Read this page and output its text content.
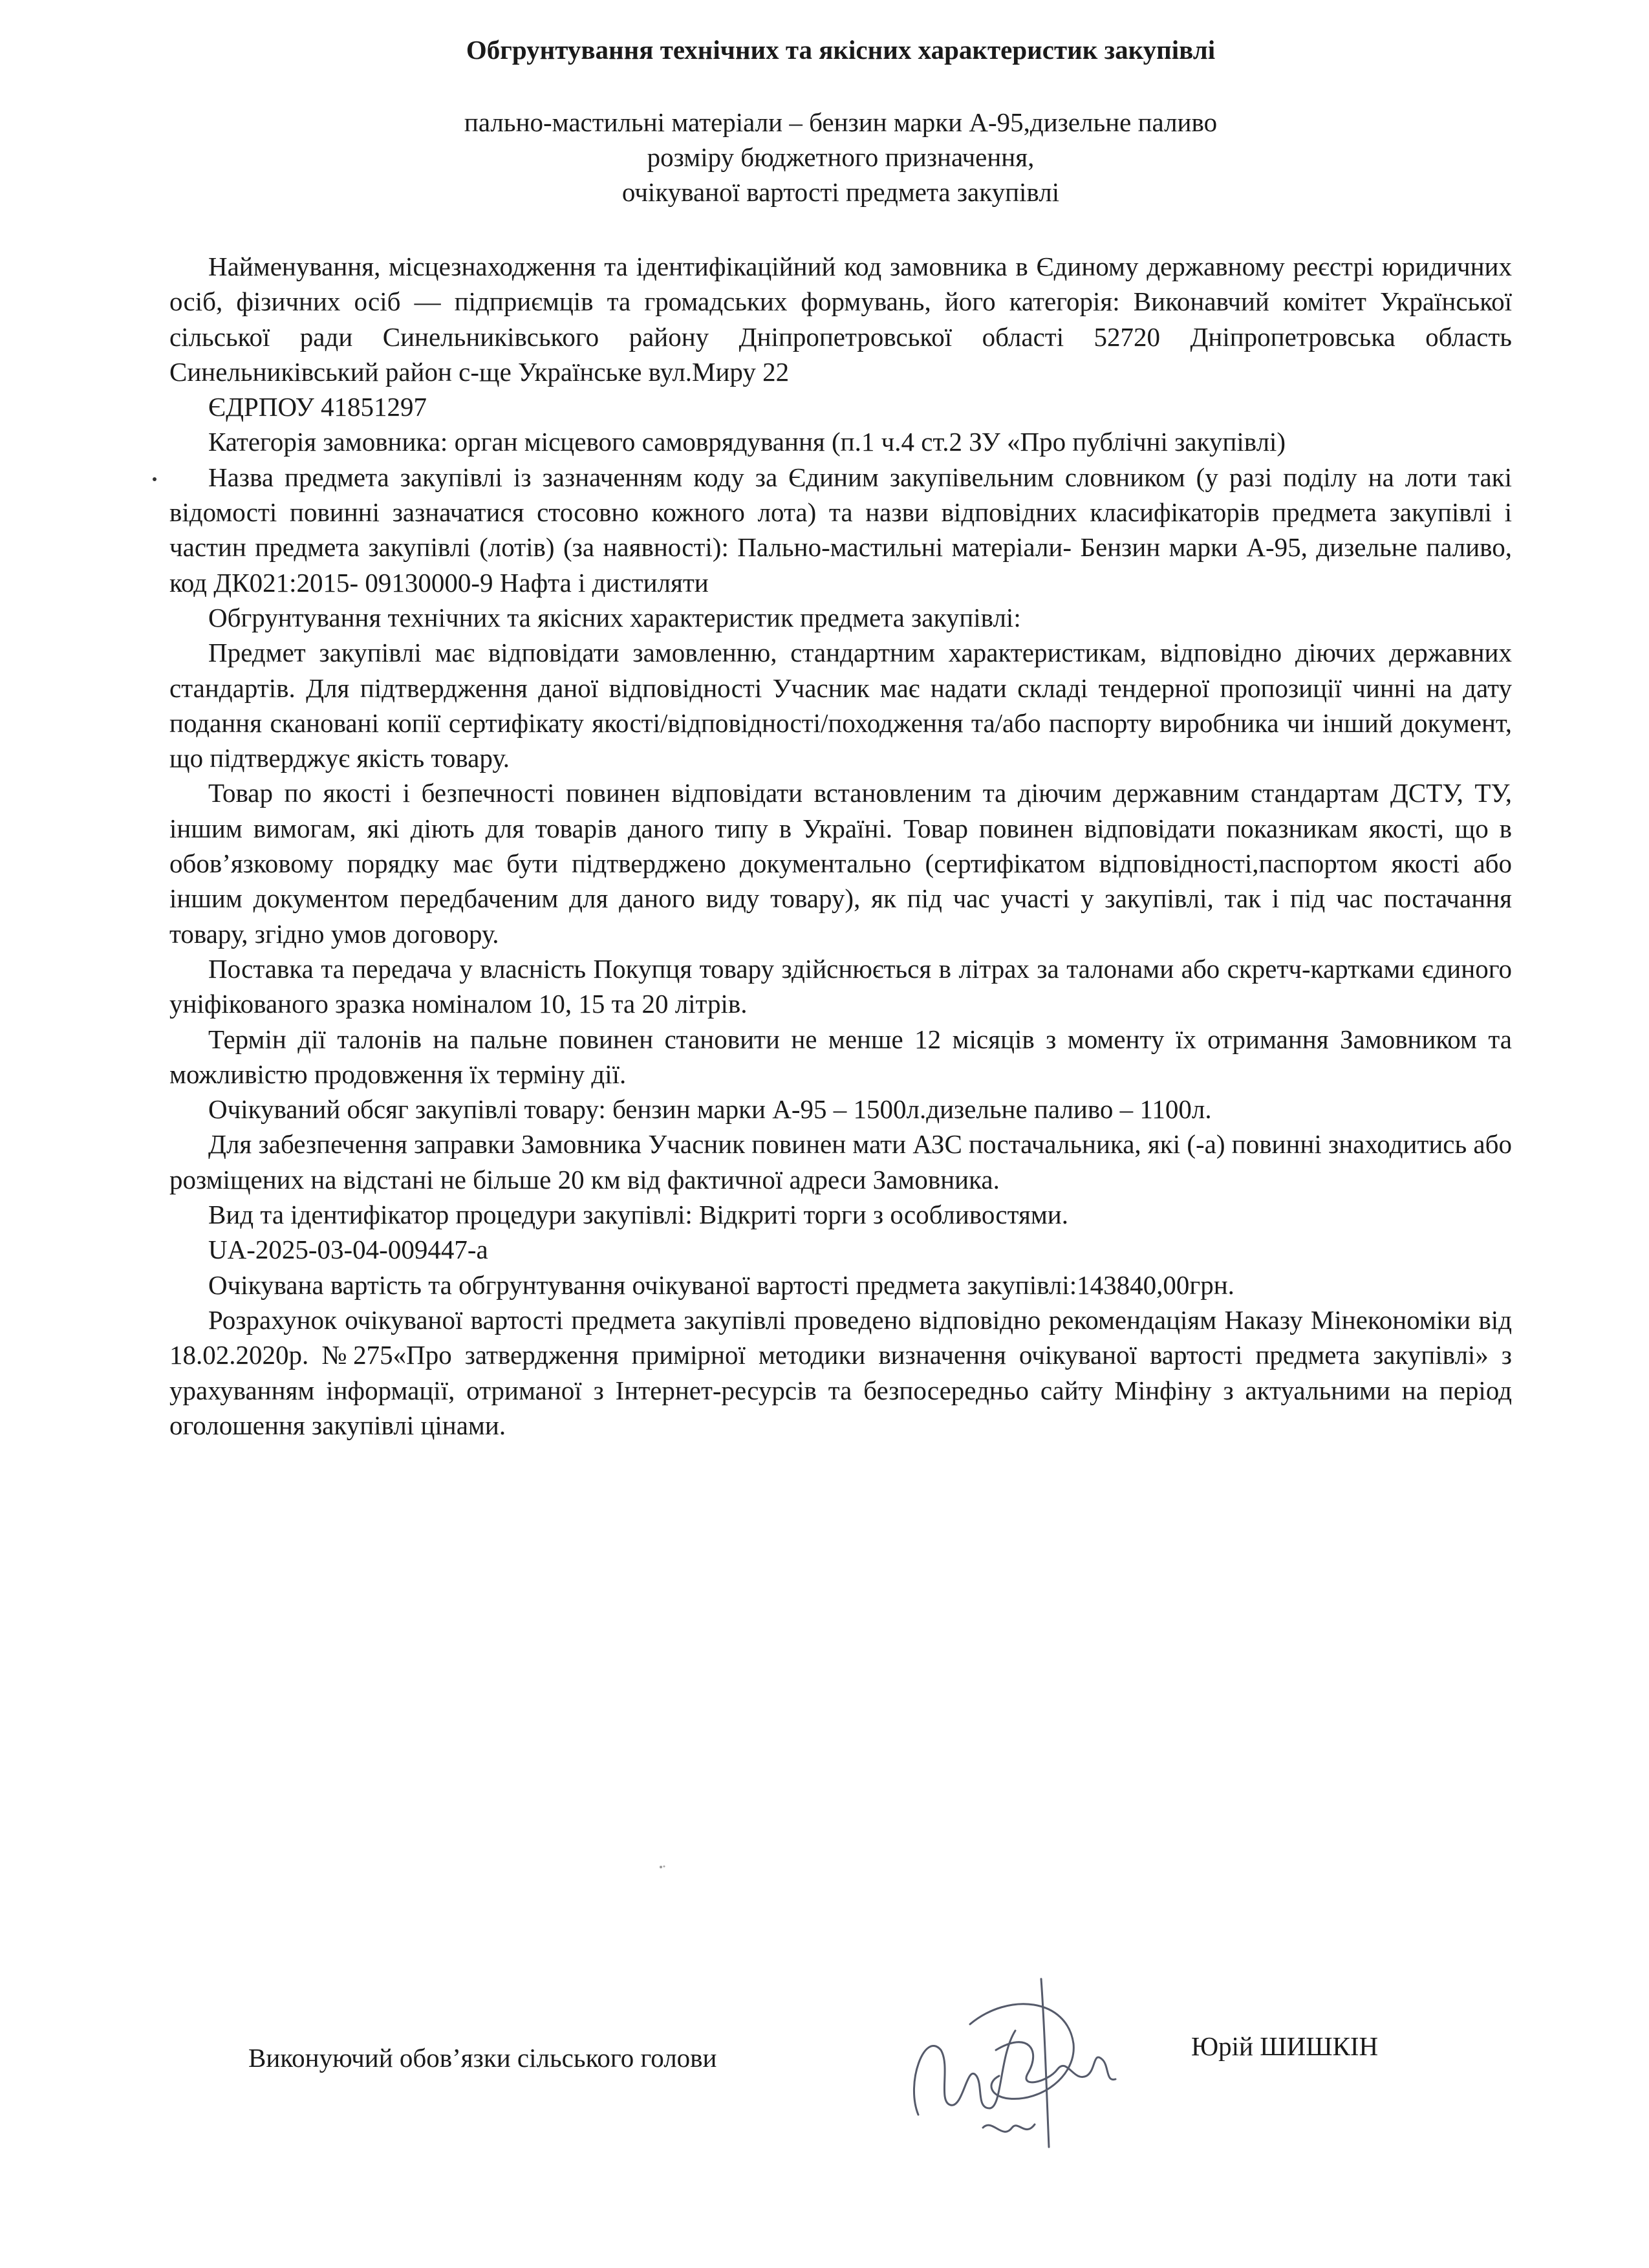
Обгрунтування технічних та якісних характеристик закупівлі

пально-мастильні матеріали – бензин марки А-95,дизельне паливо

розміру бюджетного призначення,

очікуваної вартості предмета закупівлі

Найменування, місцезнаходження та ідентифікаційний код замовника в Єдиному державному реєстрі юридичних осіб, фізичних осіб — підприємців та громадських формувань, його категорія: Виконавчий комітет Української сільської ради Синельниківського району Дніпропетровської області 52720 Дніпропетровська область Синельниківський район с-ще Українське вул.Миру 22

ЄДРПОУ 41851297

Категорія замовника: орган місцевого самоврядування (п.1 ч.4 ст.2 ЗУ «Про публічні закупівлі)

Назва предмета закупівлі із зазначенням коду за Єдиним закупівельним словником (у разі поділу на лоти такі відомості повинні зазначатися стосовно кожного лота) та назви відповідних класифікаторів предмета закупівлі і частин предмета закупівлі (лотів) (за наявності): Пально-мастильні матеріали- Бензин марки А-95, дизельне паливо, код ДК021:2015- 09130000-9 Нафта і дистиляти

Обгрунтування технічних та якісних характеристик предмета закупівлі:

Предмет закупівлі має відповідати замовленню, стандартним характеристикам, відповідно діючих державних стандартів. Для підтвердження даної відповідності Учасник має надати складі тендерної пропозиції чинні на дату подання скановані копії сертифікату якості/відповідності/походження та/або паспорту виробника чи інший документ, що підтверджує якість товару.

Товар по якості і безпечності повинен відповідати встановленим та діючим державним стандартам ДСТУ, ТУ, іншим вимогам, які діють для товарів даного типу в Україні. Товар повинен відповідати показникам якості, що в обов’язковому порядку має бути підтверджено документально (сертифікатом відповідності,паспортом якості або іншим документом передбаченим для даного виду товару), як під час участі у закупівлі, так і під час постачання товару, згідно умов договору.

Поставка та передача у власність Покупця товару здійснюється в літрах за талонами або скретч-картками єдиного уніфікованого зразка номіналом 10, 15 та 20 літрів.

Термін дії талонів на пальне повинен становити не менше 12 місяців з моменту їх отримання Замовником та можливістю продовження їх терміну дії.

Очікуваний обсяг закупівлі товару: бензин марки А-95 – 1500л.дизельне паливо – 1100л.

Для забезпечення заправки Замовника Учасник повинен мати АЗС постачальника, які (-а) повинні знаходитись або розміщених на відстані не більше 20 км від фактичної адреси Замовника.

Вид та ідентифікатор процедури закупівлі: Відкриті торги з особливостями.

UA-2025-03-04-009447-a

Очікувана вартість та обгрунтування очікуваної вартості предмета закупівлі:143840,00грн.

Розрахунок очікуваної вартості предмета закупівлі проведено відповідно рекомендаціям Наказу Мінекономіки від 18.02.2020р. №275«Про затвердження примірної методики визначення очікуваної вартості предмета закупівлі» з урахуванням інформації, отриманої з Інтернет-ресурсів та безпосередньо сайту Мінфіну з актуальними на період оголошення закупівлі цінами.

Виконуючий обов’язки сільського голови	Юрій ШИШКІН
